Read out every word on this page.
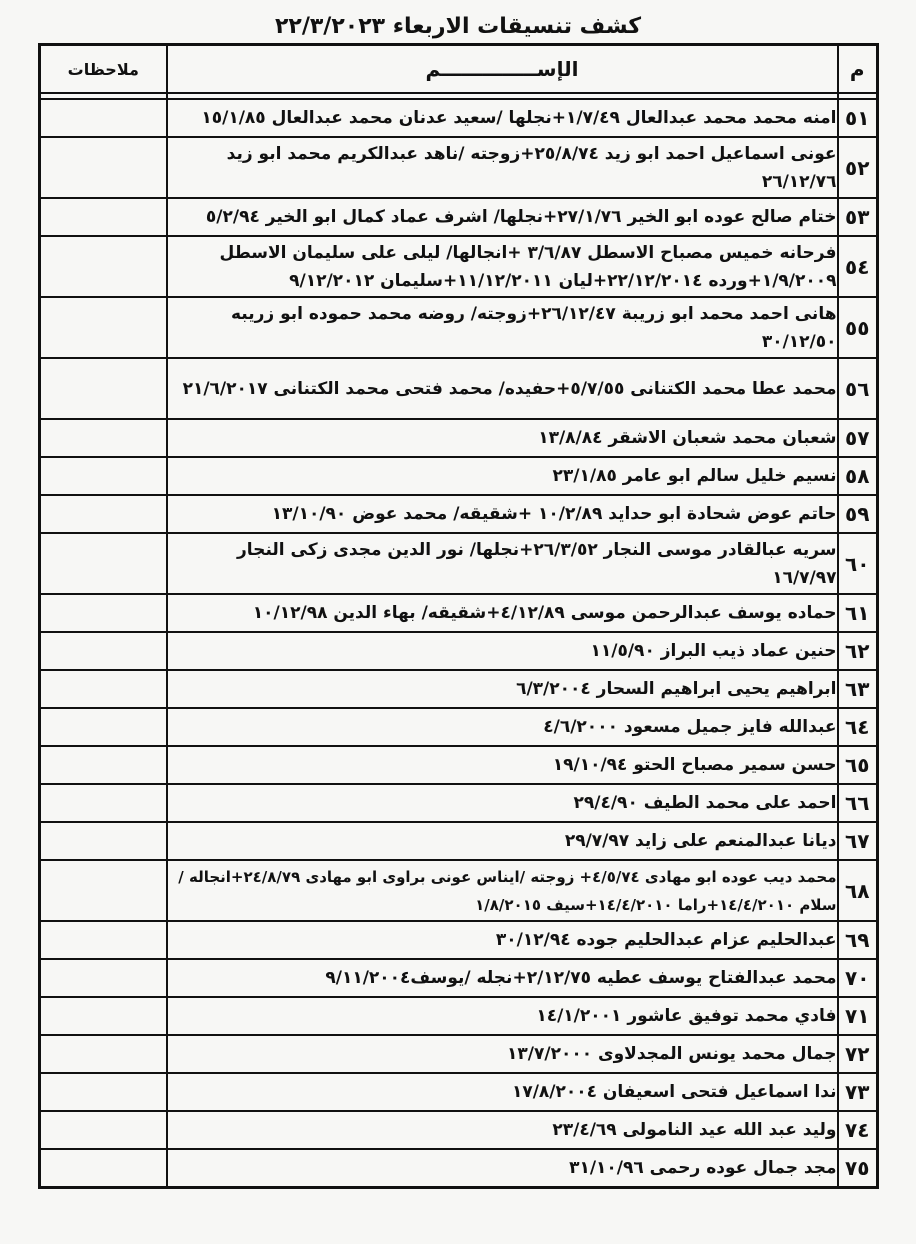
كشف تنسيقات الاربعاء ٢٢/٣/٢٠٢٣
م	الإســــــــــــــم	ملاحظات

٥١	امنه محمد محمد عبدالعال ١/٧/٤٩+نجلها /سعيد عدنان محمد عبدالعال ١٥/١/٨٥	
٥٢	عونى اسماعيل احمد ابو زيد ٢٥/٨/٧٤+زوجته /ناهد عبدالكريم محمد ابو زيد ٢٦/١٢/٧٦	
٥٣	ختام صالح عوده ابو الخير ٢٧/١/٧٦+نجلها/ اشرف عماد كمال ابو الخير ٥/٢/٩٤	
٥٤	فرحانه خميس مصباح الاسطل ٣/٦/٨٧ +انجالها/ ليلى على سليمان الاسطل ١/٩/٢٠٠٩+ورده ٢٢/١٢/٢٠١٤+ليان ١١/١٢/٢٠١١+سليمان ٩/١٢/٢٠١٢	
٥٥	هانى احمد محمد ابو زريبة ٢٦/١٢/٤٧+زوجته/ روضه محمد حموده ابو زريبه ٣٠/١٢/٥٠	
٥٦	محمد عطا محمد الكتنانى ٥/٧/٥٥+حفيده/ محمد فتحى محمد الكتنانى ٢١/٦/٢٠١٧	
٥٧	شعبان محمد شعبان الاشقر ١٣/٨/٨٤	
٥٨	نسيم خليل سالم ابو عامر ٢٣/١/٨٥	
٥٩	حاتم عوض شحادة ابو حدايد ١٠/٢/٨٩ +شقيقه/ محمد عوض ١٣/١٠/٩٠	
٦٠	سريه عبالقادر موسى النجار ٢٦/٣/٥٢+نجلها/ نور الدين مجدى زكى النجار ١٦/٧/٩٧	
٦١	حماده يوسف عبدالرحمن موسى ٤/١٢/٨٩+شقيقه/ بهاء الدين ١٠/١٢/٩٨	
٦٢	حنين عماد ذيب البراز ١١/٥/٩٠	
٦٣	ابراهيم يحيى ابراهيم السحار ٦/٣/٢٠٠٤	
٦٤	عبدالله فايز جميل مسعود ٤/٦/٢٠٠٠	
٦٥	حسن سمير مصباح الحتو ١٩/١٠/٩٤	
٦٦	احمد على محمد الطيف ٢٩/٤/٩٠	
٦٧	ديانا عبدالمنعم على زايد ٢٩/٧/٩٧	
٦٨	محمد ديب عوده ابو مهادى ٤/٥/٧٤+ زوجته /ايناس عونى براوى ابو مهادى ٢٤/٨/٧٩+انجاله / سلام ١٤/٤/٢٠١٠+راما ١٤/٤/٢٠١٠+سيف ١/٨/٢٠١٥	
٦٩	عبدالحليم عزام عبدالحليم جوده ٣٠/١٢/٩٤	
٧٠	محمد عبدالفتاح يوسف عطيه ٢/١٢/٧٥+نجله /يوسف٩/١١/٢٠٠٤	
٧١	فادي محمد توفيق عاشور ١٤/١/٢٠٠١	
٧٢	جمال محمد يونس المجدلاوى ١٣/٧/٢٠٠٠	
٧٣	ندا اسماعيل فتحى اسعيفان ١٧/٨/٢٠٠٤	
٧٤	وليد عبد الله عيد النامولى ٢٣/٤/٦٩	
٧٥	مجد جمال عوده رحمى ٣١/١٠/٩٦	
